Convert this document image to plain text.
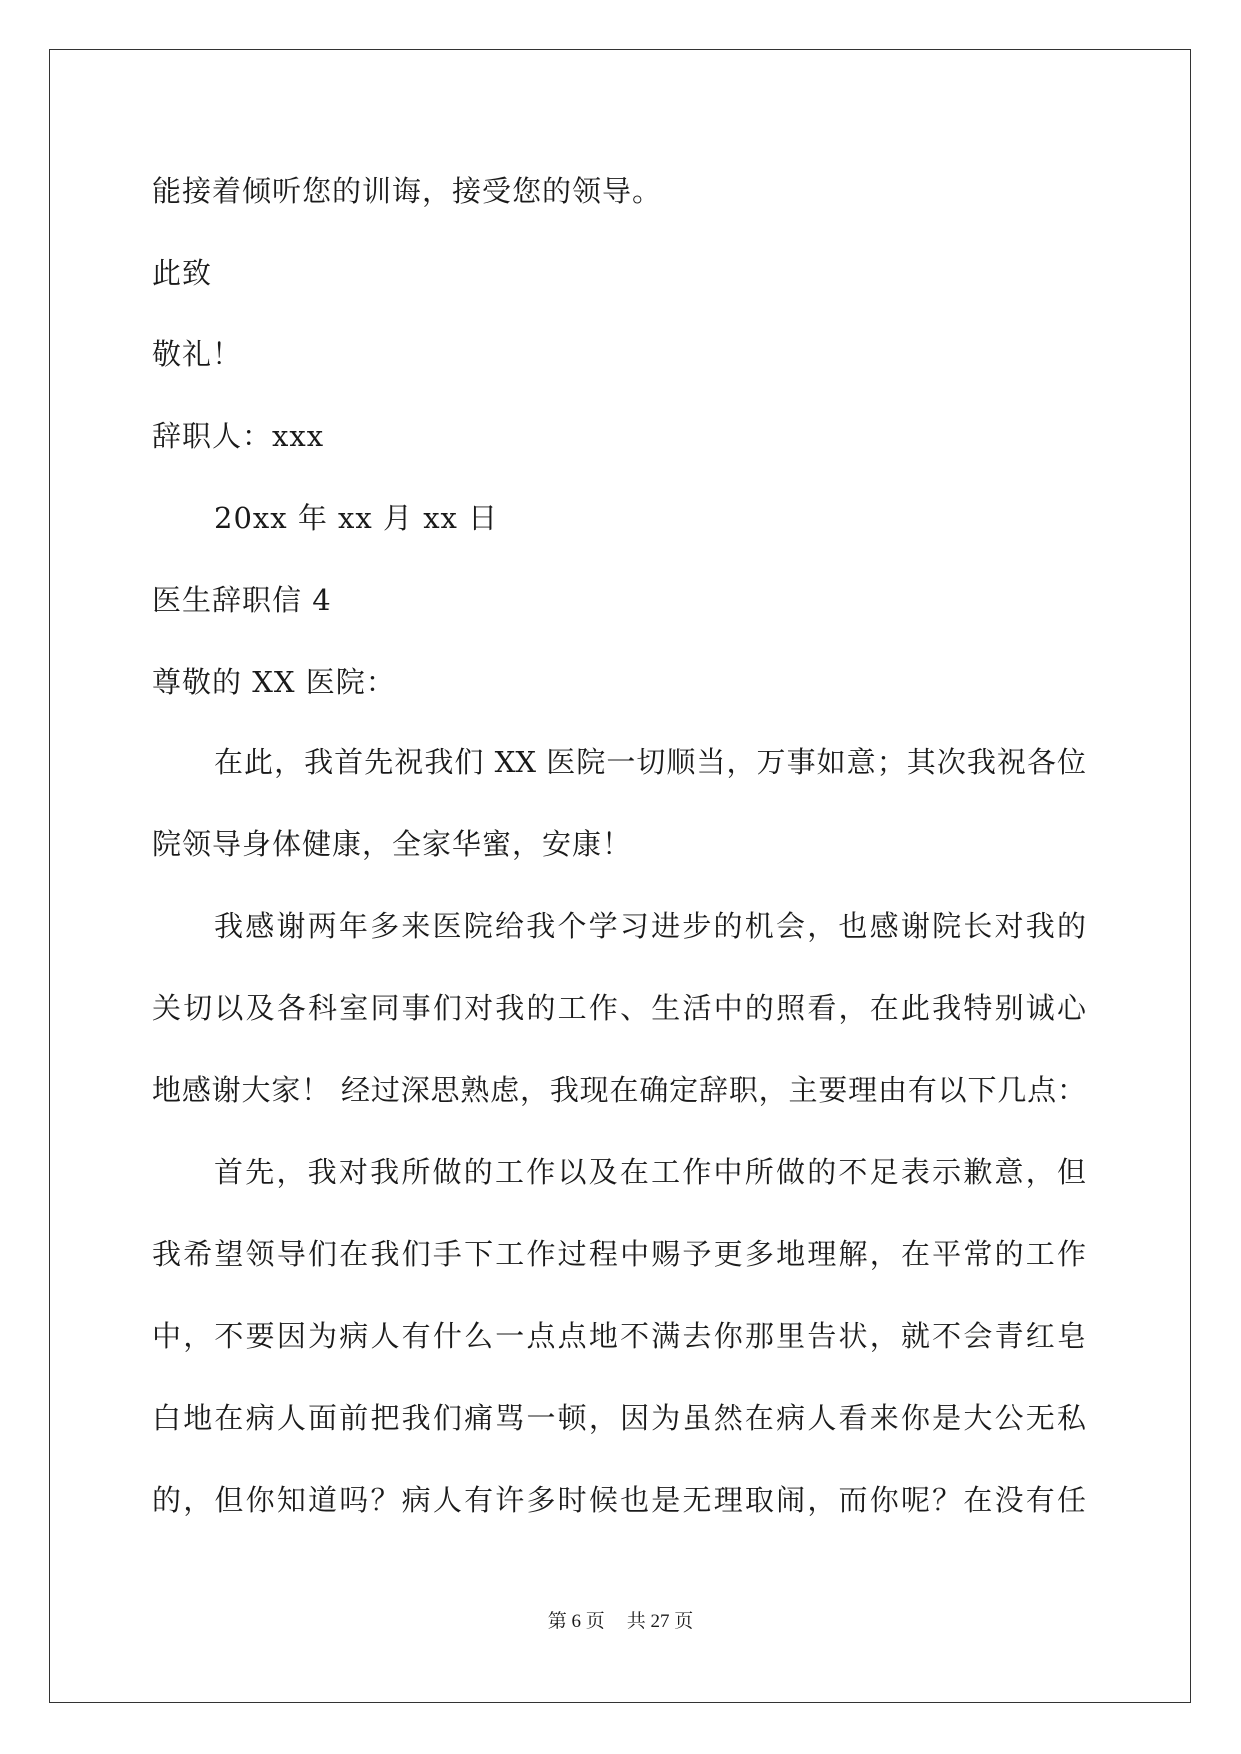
能接着倾听您的训诲，接受您的领导。
此致
敬礼！
辞职人：xxx
20xx 年 xx 月 xx 日
医生辞职信 4
尊敬的 XX 医院：
在此，我首先祝我们 XX 医院一切顺当，万事如意；其次我祝各位
院领导身体健康，全家华蜜，安康！
我感谢两年多来医院给我个学习进步的机会，也感谢院长对我的
关切以及各科室同事们对我的工作、生活中的照看，在此我特别诚心
地感谢大家！ 经过深思熟虑，我现在确定辞职，主要理由有以下几点：
首先，我对我所做的工作以及在工作中所做的不足表示歉意，但
我希望领导们在我们手下工作过程中赐予更多地理解，在平常的工作
中，不要因为病人有什么一点点地不满去你那里告状，就不会青红皂
白地在病人面前把我们痛骂一顿，因为虽然在病人看来你是大公无私
的，但你知道吗？病人有许多时候也是无理取闹，而你呢？在没有任
第 6 页 共 27 页
